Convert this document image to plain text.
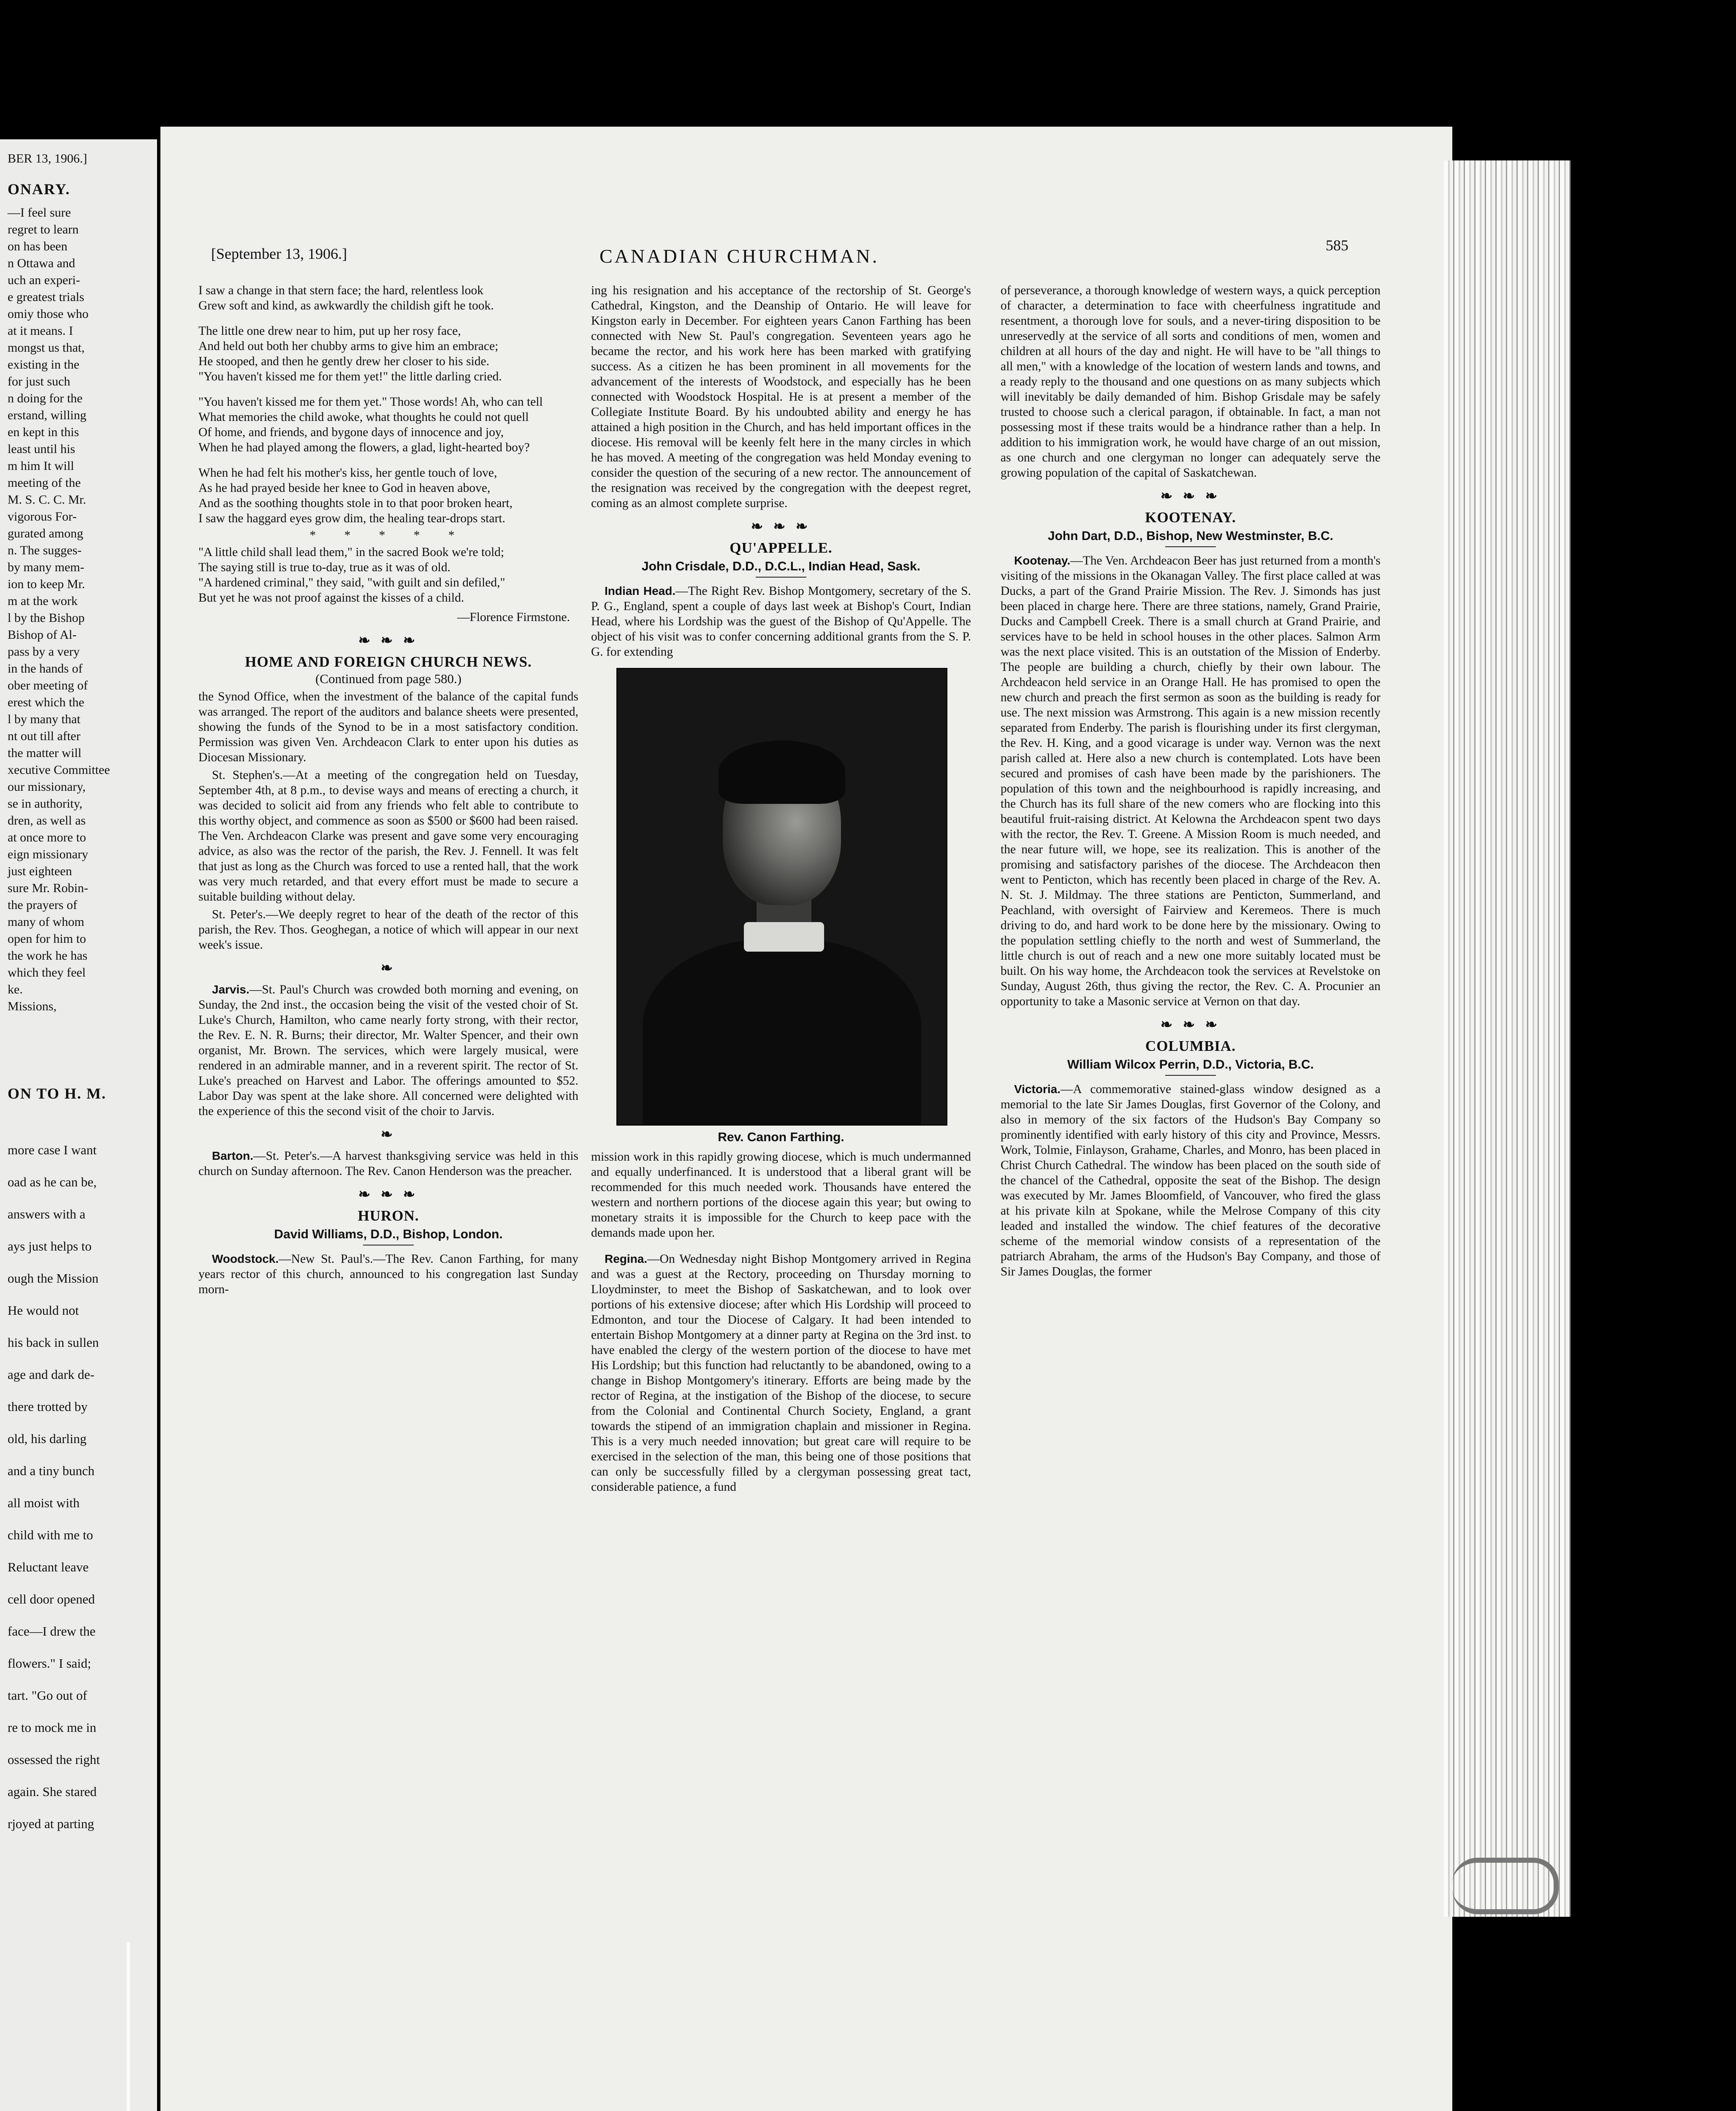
BER 13, 1906.]
ONARY.
—I feel sure
regret to learn
on has been
n Ottawa and
uch an experi-
e greatest trials
omiy those who
at it means. I
mongst us that,
existing in the
for just such
n doing for the
erstand, willing
en kept in this
least until his
m him It will
meeting of the
M. S. C. C. Mr.
vigorous For-
gurated among
n. The sugges-
by many mem-
ion to keep Mr.
m at the work
l by the Bishop
Bishop of Al-
pass by a very
in the hands of
ober meeting of
erest which the
l by many that
nt out till after
the matter will
xecutive Committee
our missionary,
se in authority,
dren, as well as
at once more to
eign missionary
just eighteen
sure Mr. Robin-
the prayers of
many of whom
open for him to
the work he has
which they feel
ke.
Missions,
ON TO H. M.
more case I want
oad as he can be,
answers with a
ays just helps to
ough the Mission
He would not
his back in sullen
age and dark de-
there trotted by
old, his darling
and a tiny bunch
all moist with
child with me to
Reluctant leave
cell door opened
face—I drew the
flowers." I said;
tart. "Go out of
re to mock me in
ossessed the right
again. She stared
rjoyed at parting
[September 13, 1906.]	CANADIAN CHURCHMAN.	585
I saw a change in that stern face; the hard, relentless look
Grew soft and kind, as awkwardly the childish gift he took.
The little one drew near to him, put up her rosy face,
And held out both her chubby arms to give him an embrace;
He stooped, and then he gently drew her closer to his side.
"You haven't kissed me for them yet!" the little darling cried.
"You haven't kissed me for them yet." Those words! Ah, who can tell
What memories the child awoke, what thoughts he could not quell
Of home, and friends, and bygone days of innocence and joy,
When he had played among the flowers, a glad, light-hearted boy?
When he had felt his mother's kiss, her gentle touch of love,
As he had prayed beside her knee to God in heaven above,
And as the soothing thoughts stole in to that poor broken heart,
I saw the haggard eyes grow dim, the healing tear-drops start.
* * * * *
"A little child shall lead them," in the sacred Book we're told;
The saying still is true to-day, true as it was of old.
"A hardened criminal," they said, "with guilt and sin defiled,"
But yet he was not proof against the kisses of a child.
—Florence Firmstone.
❧ ❧ ❧
HOME AND FOREIGN CHURCH NEWS.
(Continued from page 580.)

the Synod Office, when the investment of the balance of the capital funds was arranged. The report of the auditors and balance sheets were presented, showing the funds of the Synod to be in a most satisfactory condition. Permission was given Ven. Archdeacon Clark to enter upon his duties as Diocesan Missionary.

St. Stephen's.—At a meeting of the congregation held on Tuesday, September 4th, at 8 p.m., to devise ways and means of erecting a church, it was decided to solicit aid from any friends who felt able to contribute to this worthy object, and commence as soon as $500 or $600 had been raised. The Ven. Archdeacon Clarke was present and gave some very encouraging advice, as also was the rector of the parish, the Rev. J. Fennell. It was felt that just as long as the Church was forced to use a rented hall, that the work was very much retarded, and that every effort must be made to secure a suitable building without delay.

St. Peter's.—We deeply regret to hear of the death of the rector of this parish, the Rev. Thos. Geoghegan, a notice of which will appear in our next week's issue.

❧

Jarvis.—St. Paul's Church was crowded both morning and evening, on Sunday, the 2nd inst., the occasion being the visit of the vested choir of St. Luke's Church, Hamilton, who came nearly forty strong, with their rector, the Rev. E. N. R. Burns; their director, Mr. Walter Spencer, and their own organist, Mr. Brown. The services, which were largely musical, were rendered in an admirable manner, and in a reverent spirit. The rector of St. Luke's preached on Harvest and Labor. The offerings amounted to $52. Labor Day was spent at the lake shore. All concerned were delighted with the experience of this the second visit of the choir to Jarvis.

❧

Barton.—St. Peter's.—A harvest thanksgiving service was held in this church on Sunday afternoon. The Rev. Canon Henderson was the preacher.

❧ ❧ ❧
HURON.
David Williams, D.D., Bishop, London.

Woodstock.—New St. Paul's.—The Rev. Canon Farthing, for many years rector of this church, announced to his congregation last Sunday morn-

ing his resignation and his acceptance of the rectorship of St. George's Cathedral, Kingston, and the Deanship of Ontario. He will leave for Kingston early in December. For eighteen years Canon Farthing has been connected with New St. Paul's congregation. Seventeen years ago he became the rector, and his work here has been marked with gratifying success. As a citizen he has been prominent in all movements for the advancement of the interests of Woodstock, and especially has he been connected with Woodstock Hospital. He is at present a member of the Collegiate Institute Board. By his undoubted ability and energy he has attained a high position in the Church, and has held important offices in the diocese. His removal will be keenly felt here in the many circles in which he has moved. A meeting of the congregation was held Monday evening to consider the question of the securing of a new rector. The announcement of the resignation was received by the congregation with the deepest regret, coming as an almost complete surprise.

❧ ❧ ❧
QU'APPELLE.
John Crisdale, D.D., D.C.L., Indian Head, Sask.

Indian Head.—The Right Rev. Bishop Montgomery, secretary of the S. P. G., England, spent a couple of days last week at Bishop's Court, Indian Head, where his Lordship was the guest of the Bishop of Qu'Appelle. The object of his visit was to confer concerning additional grants from the S. P. G. for extending

Rev. Canon Farthing.

mission work in this rapidly growing diocese, which is much undermanned and equally underfinanced. It is understood that a liberal grant will be recommended for this much needed work. Thousands have entered the western and northern portions of the diocese again this year; but owing to monetary straits it is impossible for the Church to keep pace with the demands made upon her.

Regina.—On Wednesday night Bishop Montgomery arrived in Regina and was a guest at the Rectory, proceeding on Thursday morning to Lloydminster, to meet the Bishop of Saskatchewan, and to look over portions of his extensive diocese; after which His Lordship will proceed to Edmonton, and tour the Diocese of Calgary. It had been intended to entertain Bishop Montgomery at a dinner party at Regina on the 3rd inst. to have enabled the clergy of the western portion of the diocese to have met His Lordship; but this function had reluctantly to be abandoned, owing to a change in Bishop Montgomery's itinerary. Efforts are being made by the rector of Regina, at the instigation of the Bishop of the diocese, to secure from the Colonial and Continental Church Society, England, a grant towards the stipend of an immigration chaplain and missioner in Regina. This is a very much needed innovation; but great care will require to be exercised in the selection of the man, this being one of those positions that can only be successfully filled by a clergyman possessing great tact, considerable patience, a fund

of perseverance, a thorough knowledge of western ways, a quick perception of character, a determination to face with cheerfulness ingratitude and resentment, a thorough love for souls, and a never-tiring disposition to be unreservedly at the service of all sorts and conditions of men, women and children at all hours of the day and night. He will have to be "all things to all men," with a knowledge of the location of western lands and towns, and a ready reply to the thousand and one questions on as many subjects which will inevitably be daily demanded of him. Bishop Grisdale may be safely trusted to choose such a clerical paragon, if obtainable. In fact, a man not possessing most if these traits would be a hindrance rather than a help. In addition to his immigration work, he would have charge of an out mission, as one church and one clergyman no longer can adequately serve the growing population of the capital of Saskatchewan.

❧ ❧ ❧
KOOTENAY.
John Dart, D.D., Bishop, New Westminster, B.C.

Kootenay.—The Ven. Archdeacon Beer has just returned from a month's visiting of the missions in the Okanagan Valley. The first place called at was Ducks, a part of the Grand Prairie Mission. The Rev. J. Simonds has just been placed in charge here. There are three stations, namely, Grand Prairie, Ducks and Campbell Creek. There is a small church at Grand Prairie, and services have to be held in school houses in the other places. Salmon Arm was the next place visited. This is an outstation of the Mission of Enderby. The people are building a church, chiefly by their own labour. The Archdeacon held service in an Orange Hall. He has promised to open the new church and preach the first sermon as soon as the building is ready for use. The next mission was Armstrong. This again is a new mission recently separated from Enderby. The parish is flourishing under its first clergyman, the Rev. H. King, and a good vicarage is under way. Vernon was the next parish called at. Here also a new church is contemplated. Lots have been secured and promises of cash have been made by the parishioners. The population of this town and the neighbourhood is rapidly increasing, and the Church has its full share of the new comers who are flocking into this beautiful fruit-raising district. At Kelowna the Archdeacon spent two days with the rector, the Rev. T. Greene. A Mission Room is much needed, and the near future will, we hope, see its realization. This is another of the promising and satisfactory parishes of the diocese. The Archdeacon then went to Penticton, which has recently been placed in charge of the Rev. A. N. St. J. Mildmay. The three stations are Penticton, Summerland, and Peachland, with oversight of Fairview and Keremeos. There is much driving to do, and hard work to be done here by the missionary. Owing to the population settling chiefly to the north and west of Summerland, the little church is out of reach and a new one more suitably located must be built. On his way home, the Archdeacon took the services at Revelstoke on Sunday, August 26th, thus giving the rector, the Rev. C. A. Procunier an opportunity to take a Masonic service at Vernon on that day.

❧ ❧ ❧
COLUMBIA.
William Wilcox Perrin, D.D., Victoria, B.C.

Victoria.—A commemorative stained-glass window designed as a memorial to the late Sir James Douglas, first Governor of the Colony, and also in memory of the six factors of the Hudson's Bay Company so prominently identified with early history of this city and Province, Messrs. Work, Tolmie, Finlayson, Grahame, Charles, and Monro, has been placed in Christ Church Cathedral. The window has been placed on the south side of the chancel of the Cathedral, opposite the seat of the Bishop. The design was executed by Mr. James Bloomfield, of Vancouver, who fired the glass at his private kiln at Spokane, while the Melrose Company of this city leaded and installed the window. The chief features of the decorative scheme of the memorial window consists of a representation of the patriarch Abraham, the arms of the Hudson's Bay Company, and those of Sir James Douglas, the former
